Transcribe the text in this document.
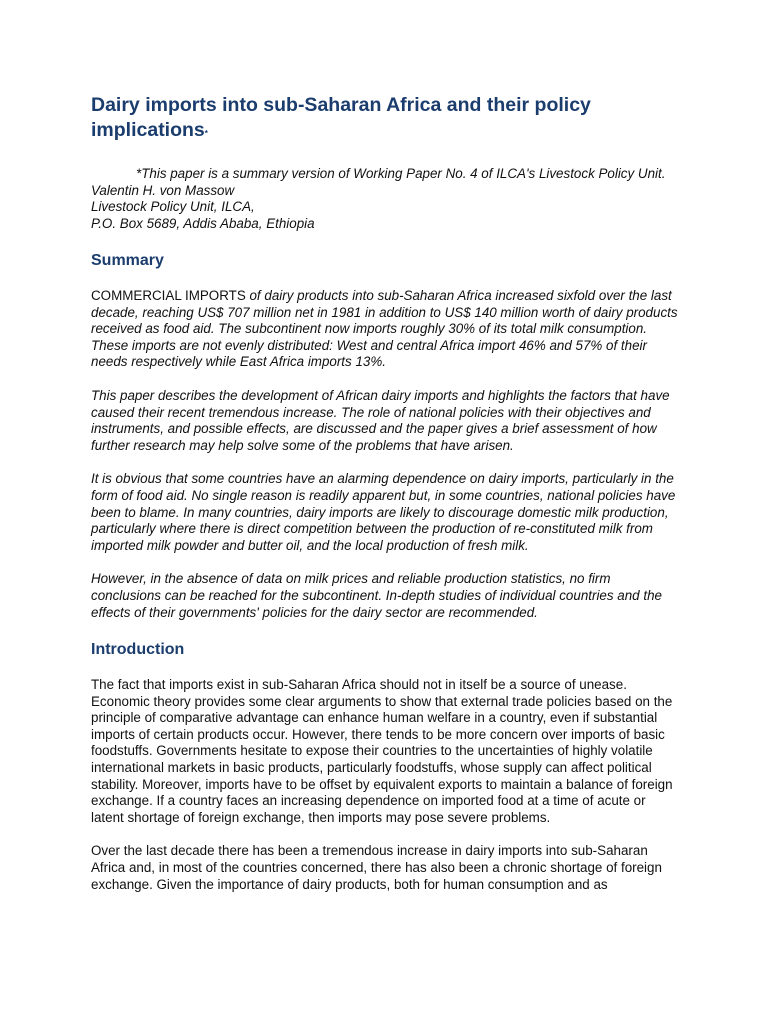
Dairy imports into sub-Saharan Africa and their policy implications*
*This paper is a summary version of Working Paper No. 4 of ILCA's Livestock Policy Unit.
Valentin H. von Massow
Livestock Policy Unit, ILCA,
P.O. Box 5689, Addis Ababa, Ethiopia
Summary

COMMERCIAL IMPORTS of dairy products into sub-Saharan Africa increased sixfold over the last decade, reaching US$ 707 million net in 1981 in addition to US$ 140 million worth of dairy products received as food aid. The subcontinent now imports roughly 30% of its total milk consumption. These imports are not evenly distributed: West and central Africa import 46% and 57% of their needs respectively while East Africa imports 13%.

This paper describes the development of African dairy imports and highlights the factors that have caused their recent tremendous increase. The role of national policies with their objectives and instruments, and possible effects, are discussed and the paper gives a brief assessment of how further research may help solve some of the problems that have arisen.

It is obvious that some countries have an alarming dependence on dairy imports, particularly in the form of food aid. No single reason is readily apparent but, in some countries, national policies have been to blame. In many countries, dairy imports are likely to discourage domestic milk production, particularly where there is direct competition between the production of re-constituted milk from imported milk powder and butter oil, and the local production of fresh milk.

However, in the absence of data on milk prices and reliable production statistics, no firm conclusions can be reached for the subcontinent. In-depth studies of individual countries and the effects of their governments' policies for the dairy sector are recommended.

Introduction

The fact that imports exist in sub-Saharan Africa should not in itself be a source of unease. Economic theory provides some clear arguments to show that external trade policies based on the principle of comparative advantage can enhance human welfare in a country, even if substantial imports of certain products occur. However, there tends to be more concern over imports of basic foodstuffs. Governments hesitate to expose their countries to the uncertainties of highly volatile international markets in basic products, particularly foodstuffs, whose supply can affect political stability. Moreover, imports have to be offset by equivalent exports to maintain a balance of foreign exchange. If a country faces an increasing dependence on imported food at a time of acute or latent shortage of foreign exchange, then imports may pose severe problems.

Over the last decade there has been a tremendous increase in dairy imports into sub-Saharan Africa and, in most of the countries concerned, there has also been a chronic shortage of foreign exchange. Given the importance of dairy products, both for human consumption and as
